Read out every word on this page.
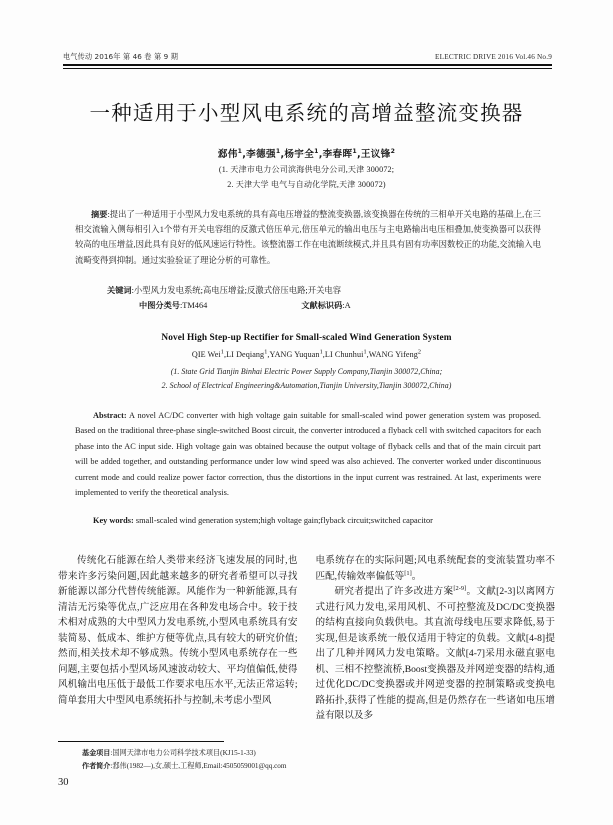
电气传动 2016年 第 46 卷 第 9 期	ELECTRIC DRIVE 2016 Vol.46 No.9
一种适用于小型风电系统的高增益整流变换器
郄伟$^1$,李德强$^1$,杨宇全$^1$,李春晖$^1$,王议锋$^2$
(1. 天津市电力公司滨海供电分公司,天津 300072;
2. 天津大学 电气与自动化学院,天津 300072)
摘要:提出了一种适用于小型风力发电系统的具有高电压增益的整流变换器,该变换器在传统的三相单开关电路的基础上,在三相交流输入侧每相引入1个带有开关电容组的反激式倍压单元,倍压单元的输出电压与主电路输出电压相叠加,使变换器可以获得较高的电压增益,因此具有良好的低风速运行特性。该整流器工作在电流断续模式,并且具有固有功率因数校正的功能,交流输入电流畸变得到抑制。通过实验验证了理论分析的可靠性。
关键词:小型风力发电系统;高电压增益;反激式倍压电路;开关电容
中图分类号:TM464	文献标识码:A
Novel High Step-up Rectifier for Small-scaled Wind Generation System
QIE Wei$^1$,LI Deqiang$^1$,YANG Yuquan$^1$,LI Chunhui$^1$,WANG Yifeng$^2$
(1. State Grid Tianjin Binhai Electric Power Supply Company,Tianjin 300072,China;
2. School of Electrical Engineering&Automation,Tianjin University,Tianjin 300072,China)
Abstract: A novel AC/DC converter with high voltage gain suitable for small-scaled wind power generation system was proposed. Based on the traditional three-phase single-switched Boost circuit, the converter introduced a flyback cell with switched capacitors for each phase into the AC input side. High voltage gain was obtained because the output voltage of flyback cells and that of the main circuit part will be added together, and outstanding performance under low wind speed was also achieved. The converter worked under discontinuous current mode and could realize power factor correction, thus the distortions in the input current was restrained. At last, experiments were implemented to verify the theoretical analysis.
Key words: small-scaled wind generation system;high voltage gain;flyback circuit;switched capacitor

传统化石能源在给人类带来经济飞速发展的同时,也带来许多污染问题,因此越来越多的研究者希望可以寻找新能源以部分代替传统能源。风能作为一种新能源,具有清洁无污染等优点,广泛应用在各种发电场合中。较于技术相对成熟的大中型风力发电系统,小型风电系统具有安装简易、低成本、维护方便等优点,具有较大的研究价值;然而,相关技术却不够成熟。传统小型风电系统存在一些问题,主要包括小型风场风速波动较大、平均值偏低,使得风机输出电压低于最低工作要求电压水平,无法正常运转;简单套用大中型风电系统拓扑与控制,未考虑小型风

电系统存在的实际问题;风电系统配套的变流装置功率不匹配,传输效率偏低等[1]。

研究者提出了许多改进方案[2-9]。文献[2-3]以离网方式进行风力发电,采用风机、不可控整流及DC/DC变换器的结构直接向负载供电。其直流母线电压要求降低,易于实现,但是该系统一般仅适用于特定的负载。文献[4-8]提出了几种并网风力发电策略。文献[4-7]采用永磁直驱电机、三相不控整流桥,Boost变换器及并网逆变器的结构,通过优化DC/DC变换器或并网逆变器的控制策略或变换电路拓扑,获得了性能的提高,但是仍然存在一些诸如电压增益有限以及多

基金项目:国网天津市电力公司科学技术项目(KJ15-1-33)
作者简介:郄伟(1982—),女,硕士,工程师,Email:4505059001@qq.com
30
